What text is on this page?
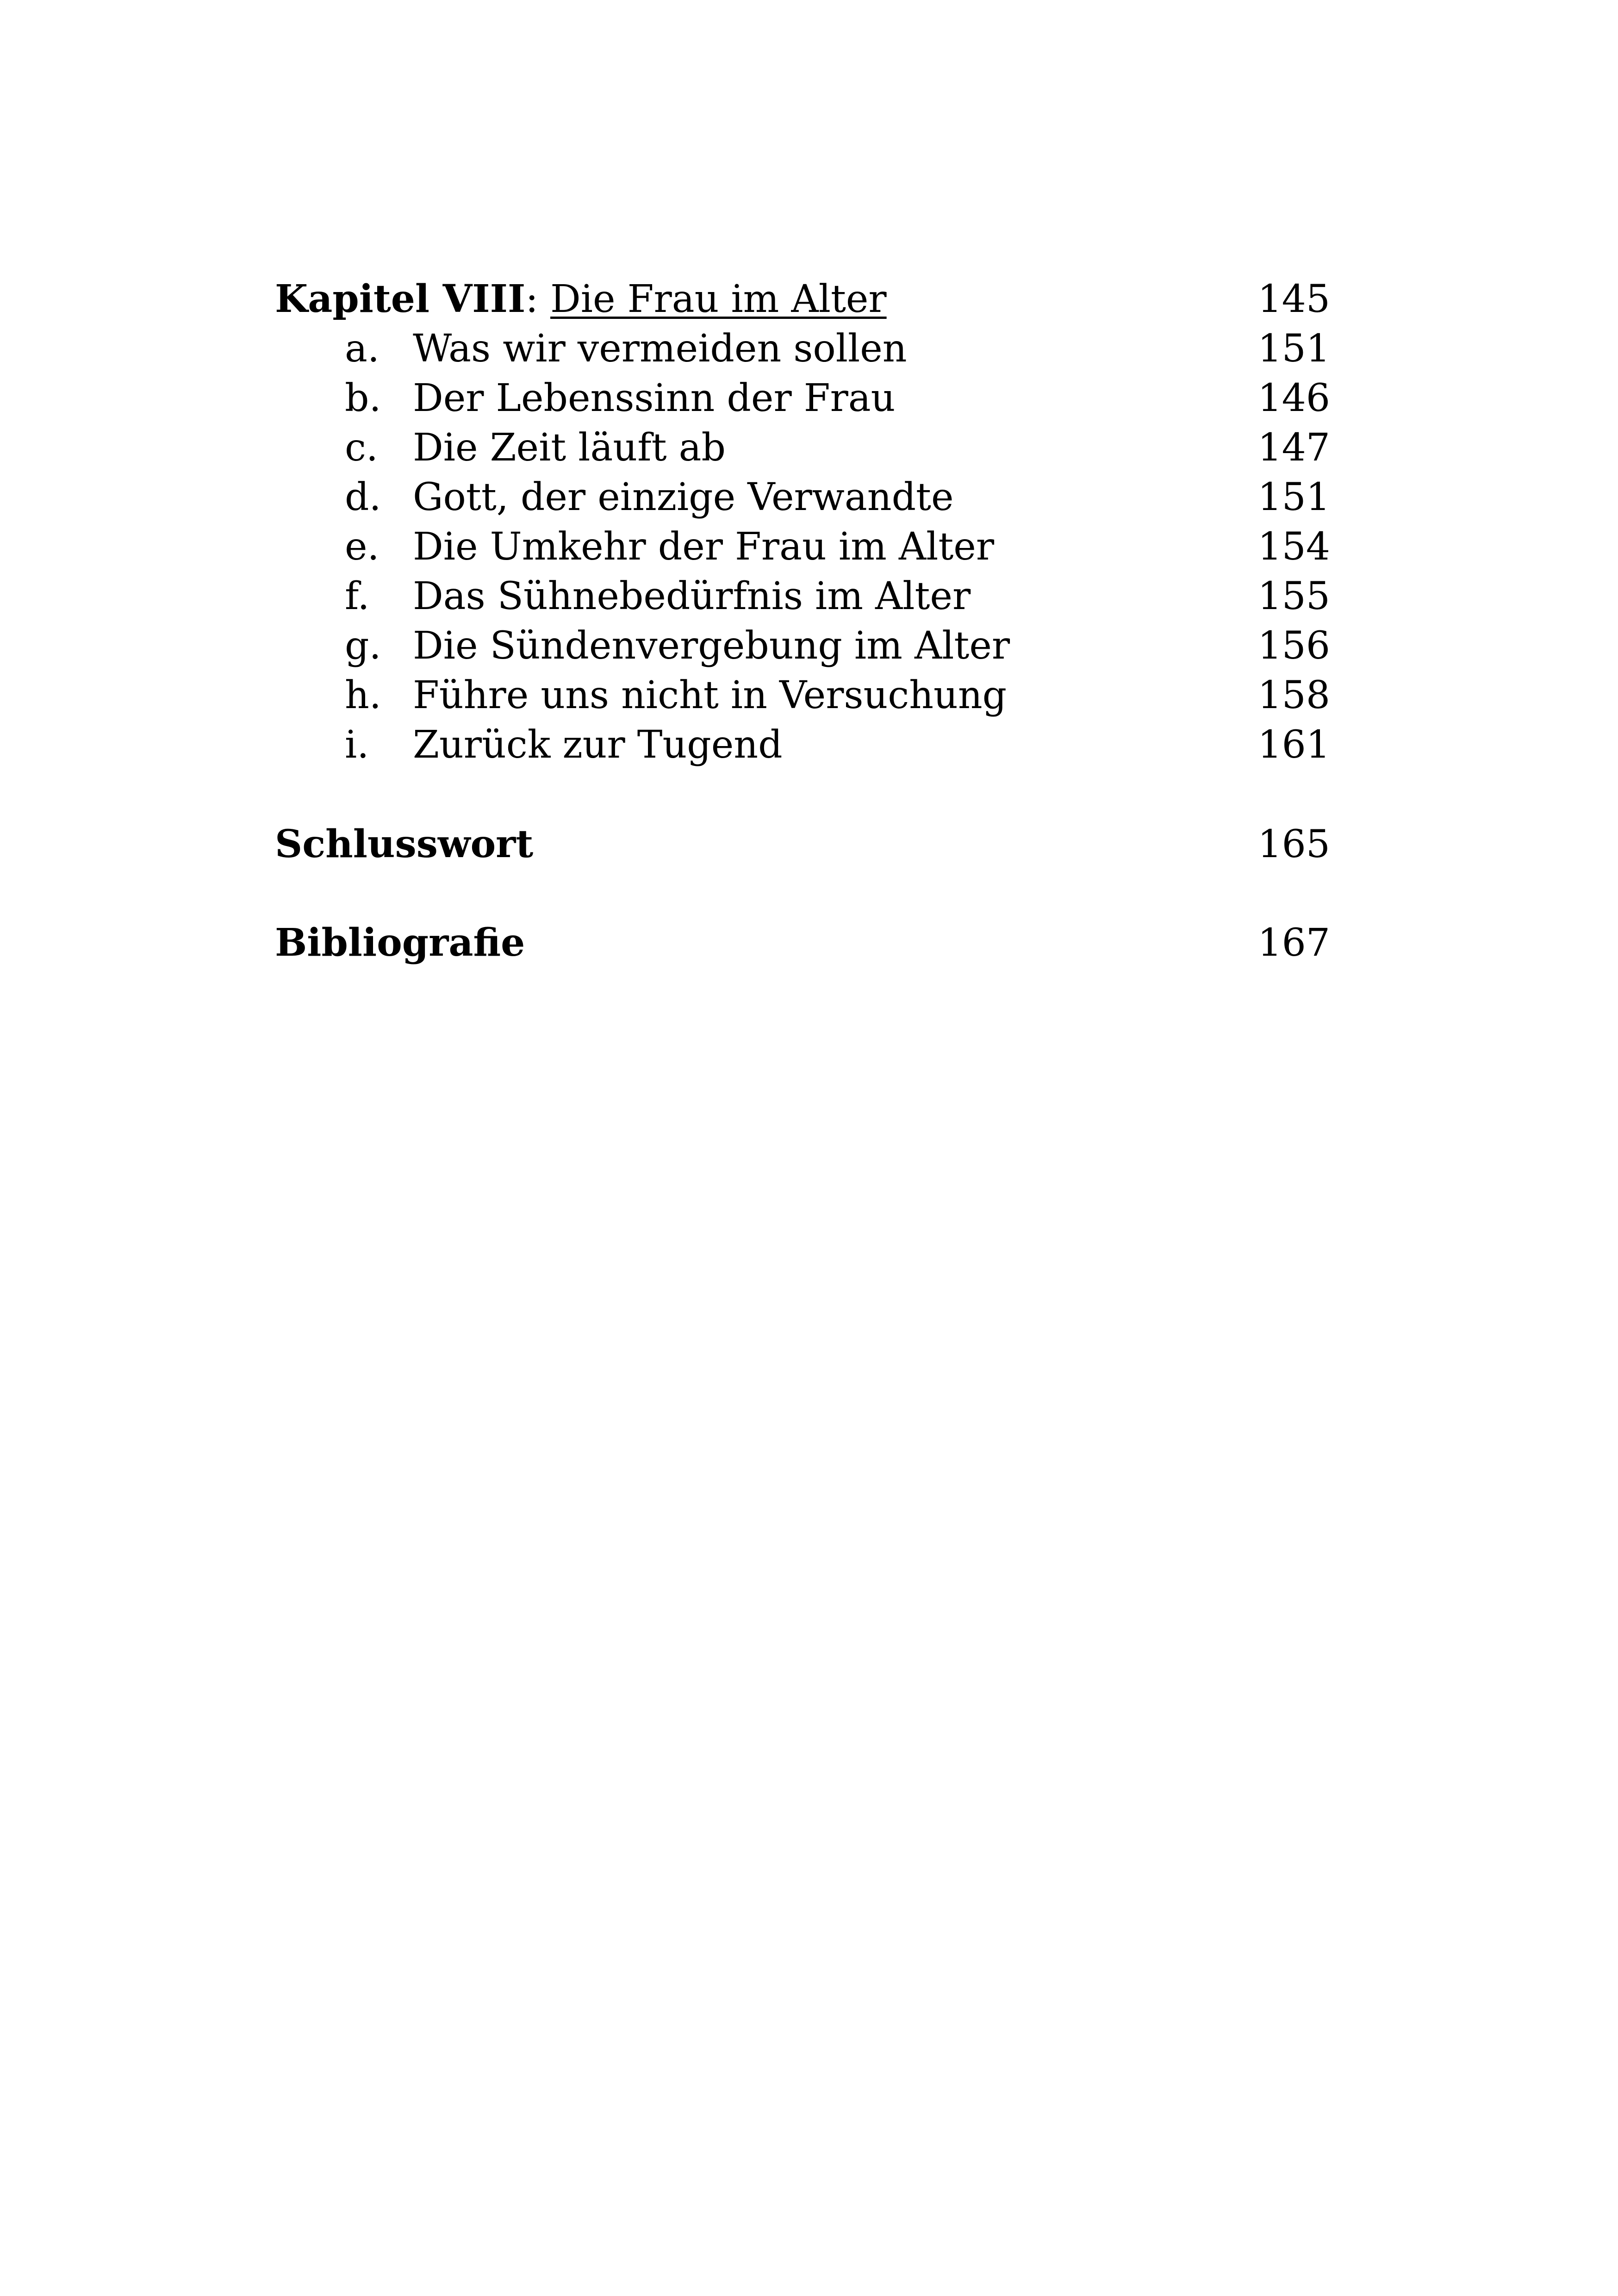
Kapitel VIII: Die Frau im Alter	145
a. Was wir vermeiden sollen	151
b. Der Lebenssinn der Frau	146
c. Die Zeit läuft ab	147
d. Gott, der einzige Verwandte	151
e. Die Umkehr der Frau im Alter	154
f. Das Sühnebedürfnis im Alter	155
g. Die Sündenvergebung im Alter	156
h. Führe uns nicht in Versuchung	158
i. Zurück zur Tugend	161
Schlusswort	165
Bibliografie	167
